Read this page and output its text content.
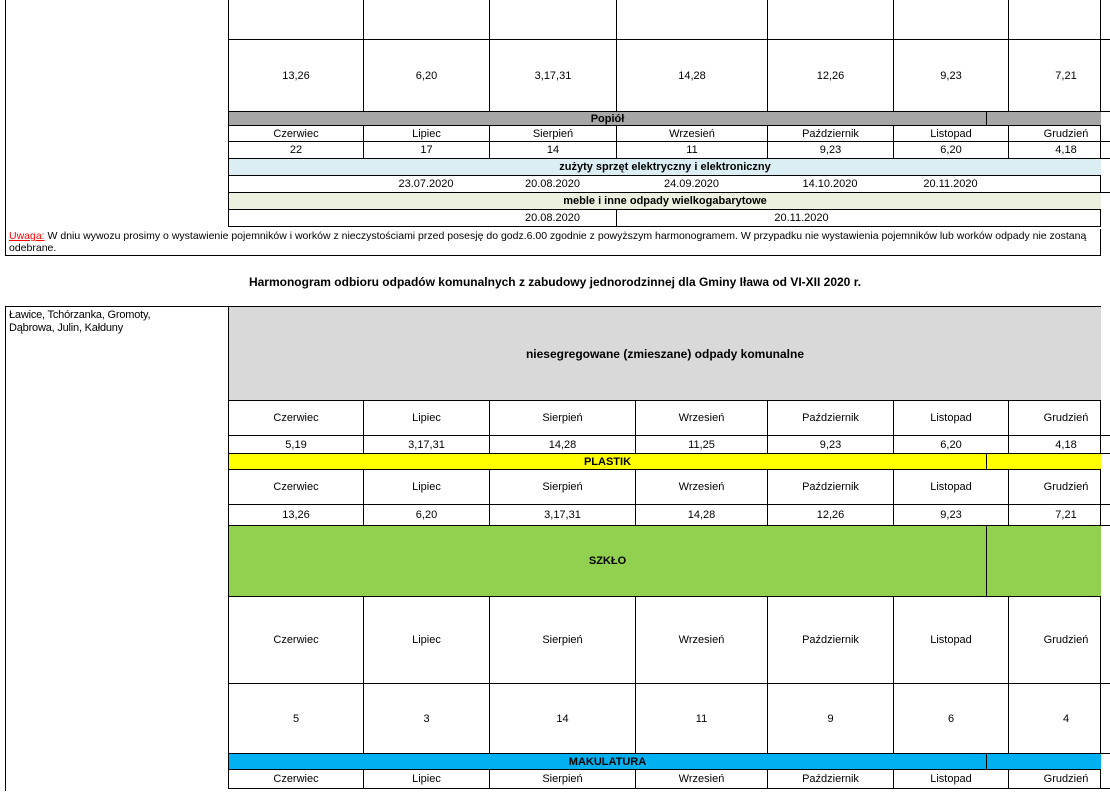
13,26	6,20	3,17,31	14,28	12,26	9,23	7,21
Popiół
Czerwiec	Lipiec	Sierpień	Wrzesień	Październik	Listopad	Grudzień
22	17	14	11	9,23	6,20	4,18
zużyty sprzęt elektryczny i elektroniczny
23.07.2020	20.08.2020	24.09.2020	14.10.2020	20.11.2020
meble i inne odpady wielkogabarytowe
20.08.2020	20.11.2020
Uwaga: W dniu wywozu prosimy o wystawienie pojemników i worków z nieczystościami przed posesję do godz.6.00 zgodnie z powyższym harmonogramem. W przypadku nie wystawienia pojemników lub worków odpady nie zostaną odebrane.
Harmonogram odbioru odpadów komunalnych z zabudowy jednorodzinnej dla Gminy Iława od VI-XII 2020 r.
Ławice, Tchórzanka, Gromoty, Dąbrowa, Julin, Kałduny
niesegregowane (zmieszane) odpady komunalne
Czerwiec	Lipiec	Sierpień	Wrzesień	Październik	Listopad	Grudzień
5,19	3,17,31	14,28	11,25	9,23	6,20	4,18
PLASTIK
Czerwiec	Lipiec	Sierpień	Wrzesień	Październik	Listopad	Grudzień
13,26	6,20	3,17,31	14,28	12,26	9,23	7,21
SZKŁO
Czerwiec	Lipiec	Sierpień	Wrzesień	Październik	Listopad	Grudzień
5	3	14	11	9	6	4
MAKULATURA
Czerwiec	Lipiec	Sierpień	Wrzesień	Październik	Listopad	Grudzień
